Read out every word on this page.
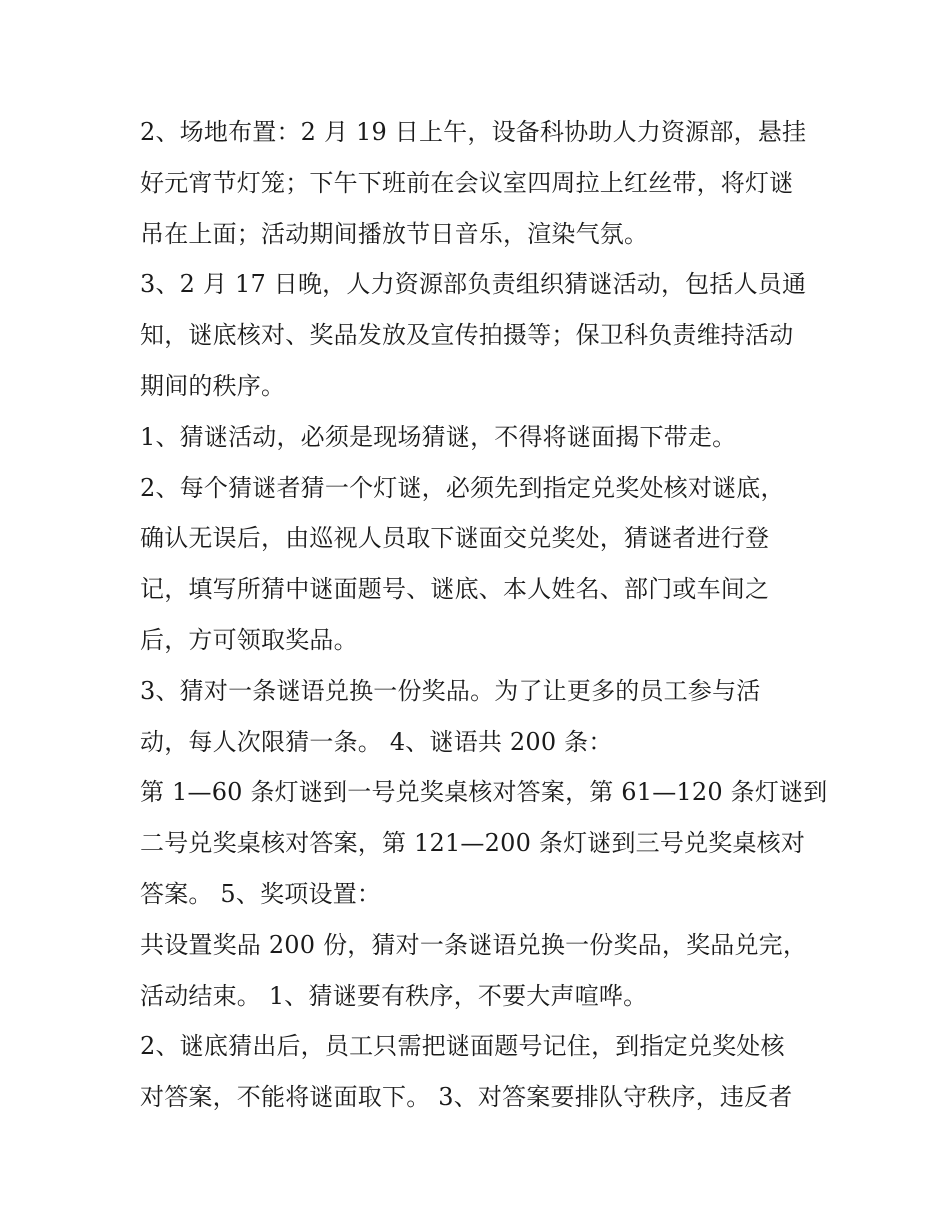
2、场地布置：2 月 19 日上午，设备科协助人力资源部，悬挂
好元宵节灯笼；下午下班前在会议室四周拉上红丝带，将灯谜
吊在上面；活动期间播放节日音乐，渲染气氛。

3、2 月 17 日晚，人力资源部负责组织猜谜活动，包括人员通
知，谜底核对、奖品发放及宣传拍摄等；保卫科负责维持活动
期间的秩序。

1、猜谜活动，必须是现场猜谜，不得将谜面揭下带走。

2、每个猜谜者猜一个灯谜，必须先到指定兑奖处核对谜底，
确认无误后，由巡视人员取下谜面交兑奖处，猜谜者进行登
记，填写所猜中谜面题号、谜底、本人姓名、部门或车间之
后，方可领取奖品。

3、猜对一条谜语兑换一份奖品。为了让更多的员工参与活
动，每人次限猜一条。 4、谜语共 200 条：

第 1—60 条灯谜到一号兑奖桌核对答案，第 61—120 条灯谜到
二号兑奖桌核对答案，第 121—200 条灯谜到三号兑奖桌核对
答案。 5、奖项设置：

共设置奖品 200 份，猜对一条谜语兑换一份奖品，奖品兑完，
活动结束。 1、猜谜要有秩序，不要大声喧哗。

2、谜底猜出后，员工只需把谜面题号记住，到指定兑奖处核
对答案，不能将谜面取下。 3、对答案要排队守秩序，违反者
